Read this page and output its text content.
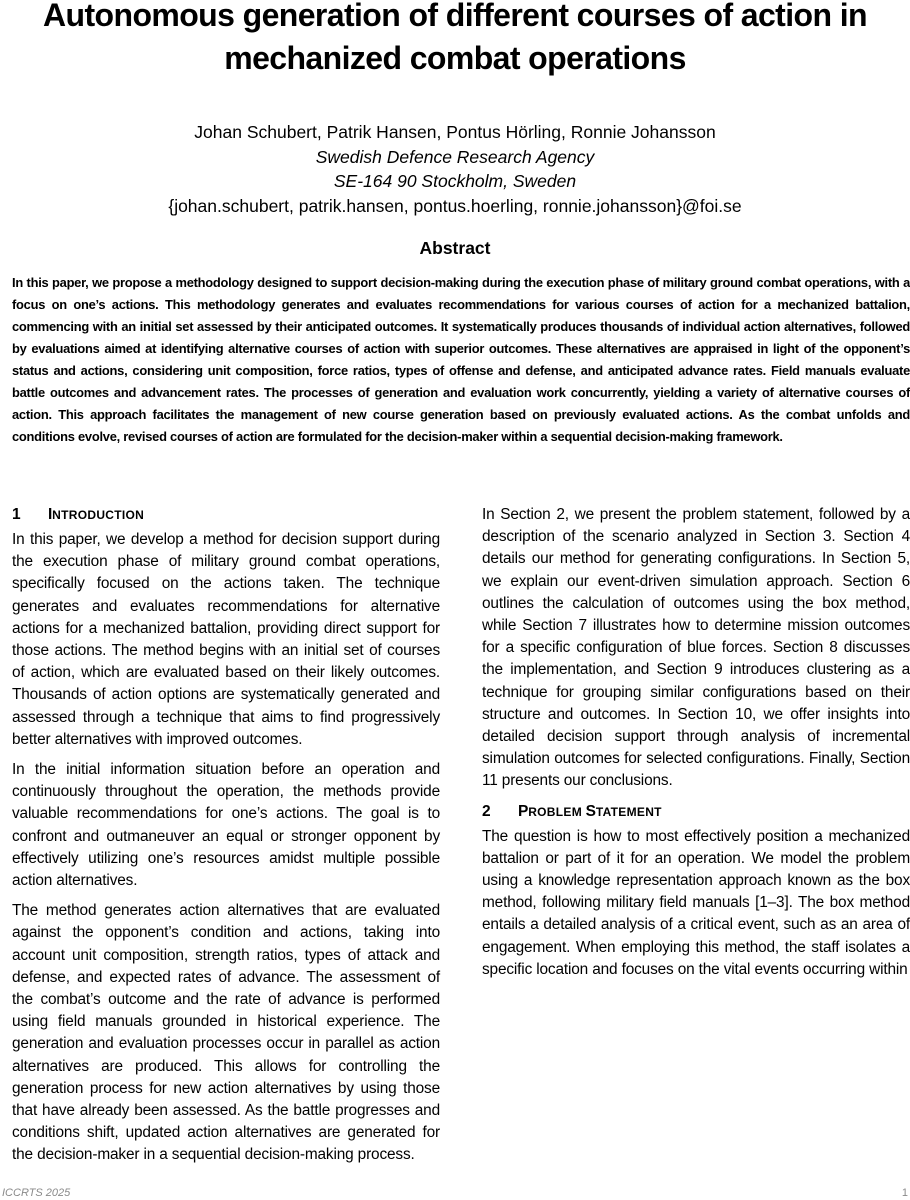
Autonomous generation of different courses of action in
mechanized combat operations
Johan Schubert, Patrik Hansen, Pontus Hörling, Ronnie Johansson
Swedish Defence Research Agency
SE-164 90 Stockholm, Sweden
{johan.schubert, patrik.hansen, pontus.hoerling, ronnie.johansson}@foi.se
Abstract

In this paper, we propose a methodology designed to support decision-making during the execution phase of military ground combat operations, with a focus on one’s actions. This methodology generates and evaluates recommendations for various courses of action for a mechanized battalion, commencing with an initial set assessed by their anticipated outcomes. It systematically produces thousands of individual action alternatives, followed by evaluations aimed at identifying alternative courses of action with superior outcomes. These alternatives are appraised in light of the opponent’s status and actions, considering unit composition, force ratios, types of offense and defense, and anticipated advance rates. Field manuals evaluate battle outcomes and advancement rates. The processes of generation and evaluation work concurrently, yielding a variety of alternative courses of action. This approach facilitates the management of new course generation based on previously evaluated actions. As the combat unfolds and conditions evolve, revised courses of action are formulated for the decision-maker within a sequential decision-making framework.

1 INTRODUCTION

In this paper, we develop a method for decision support during the execution phase of military ground combat operations, specifically focused on the actions taken. The technique generates and evaluates recommendations for alternative actions for a mechanized battalion, providing direct support for those actions. The method begins with an initial set of courses of action, which are evaluated based on their likely outcomes. Thousands of action options are systematically generated and assessed through a technique that aims to find progressively better alternatives with improved outcomes.

In the initial information situation before an operation and continuously throughout the operation, the methods provide valuable recommendations for one’s actions. The goal is to confront and outmaneuver an equal or stronger opponent by effectively utilizing one’s resources amidst multiple possible action alternatives.

The method generates action alternatives that are evaluated against the opponent’s condition and actions, taking into account unit composition, strength ratios, types of attack and defense, and expected rates of advance. The assessment of the combat’s outcome and the rate of advance is performed using field manuals grounded in historical experience. The generation and evaluation processes occur in parallel as action alternatives are produced. This allows for controlling the generation process for new action alternatives by using those that have already been assessed. As the battle progresses and conditions shift, updated action alternatives are generated for the decision-maker in a sequential decision-making process.

In Section 2, we present the problem statement, followed by a description of the scenario analyzed in Section 3. Section 4 details our method for generating configurations. In Section 5, we explain our event-driven simulation approach. Section 6 outlines the calculation of outcomes using the box method, while Section 7 illustrates how to determine mission outcomes for a specific configuration of blue forces. Section 8 discusses the implementation, and Section 9 introduces clustering as a technique for grouping similar configurations based on their structure and outcomes. In Section 10, we offer insights into detailed decision support through analysis of incremental simulation outcomes for selected configurations. Finally, Section 11 presents our conclusions.

2 PROBLEM STATEMENT

The question is how to most effectively position a mechanized battalion or part of it for an operation. We model the problem using a knowledge representation approach known as the box method, following military field manuals [1–3]. The box method entails a detailed analysis of a critical event, such as an area of engagement. When employing this method, the staff isolates a specific location and focuses on the vital events occurring within

ICCRTS 2025	1
